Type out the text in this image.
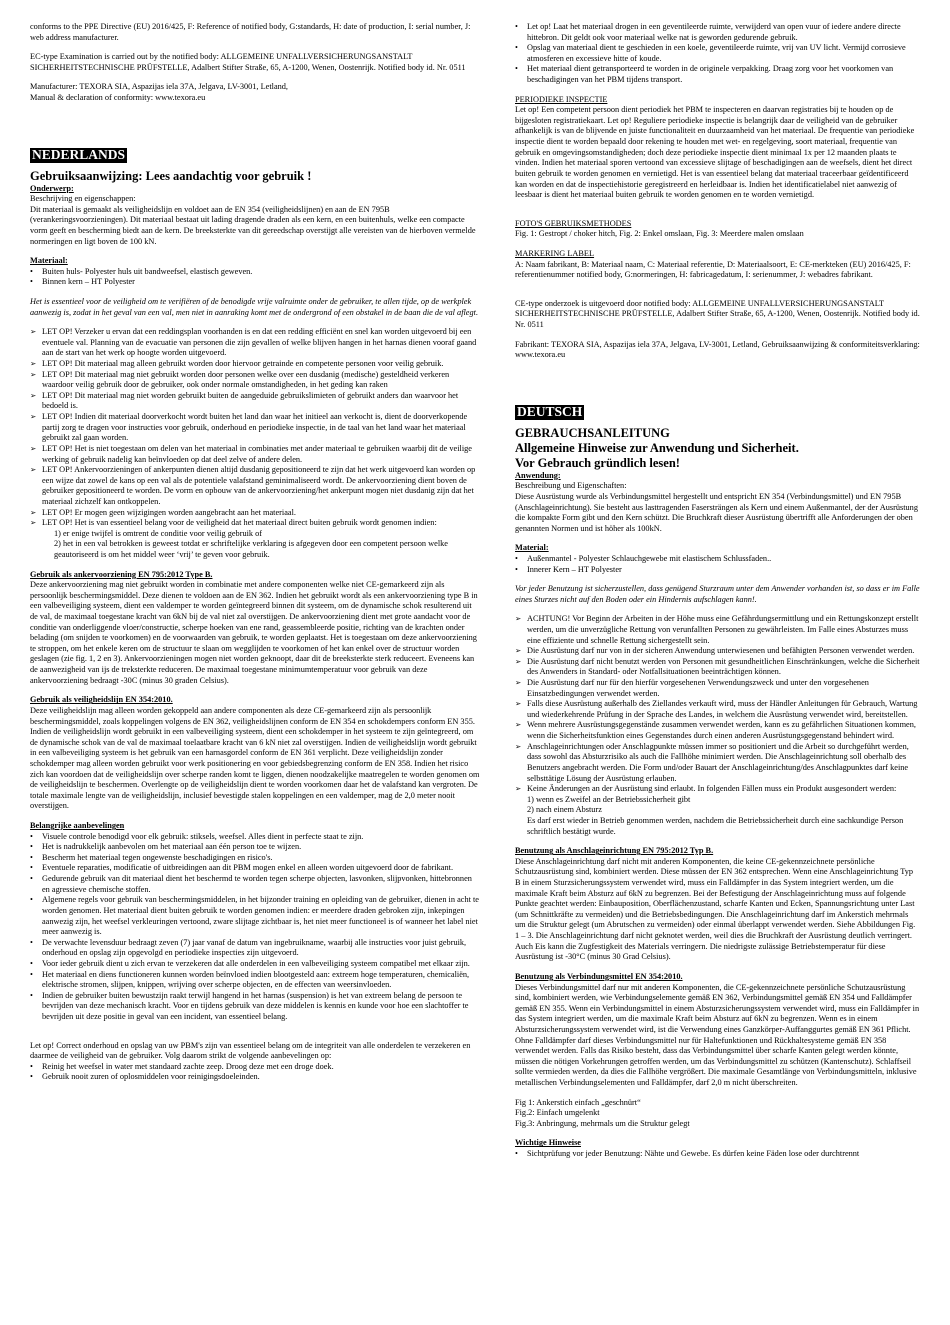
conforms to the PPE Directive (EU) 2016/425, F: Reference of notified body, G:standards, H: date of production, I: serial number, J: web address manufacturer.

EC-type Examination is carried out by the notified body: ALLGEMEINE UNFALLVERSICHERUNGSANSTALT SICHERHEITSTECHNISCHE PRÜFSTELLE, Adalbert Stifter Straße, 65, A-1200, Wenen, Oostenrijk. Notified body id. Nr. 0511

Manufacturer: TEXORA SIA, Aspazijas iela 37A, Jelgava, LV-3001, Letland,

Manual & declaration of conformity: www.texora.eu

NEDERLANDS

Gebruiksaanwijzing: Lees aandachtig voor gebruik !

Onderwerp:

Beschrijving en eigenschappen:

Dit materiaal is gemaakt als veiligheidslijn en voldoet aan de EN 354 (veiligheidslijnen) en aan de EN 795B (verankeringsvoorzieningen). Dit materiaal bestaat uit lading dragende draden als een kern, en een buitenhuls, welke een compacte vorm geeft en bescherming biedt aan de kern. De breeksterkte van dit gereedschap overstijgt alle vereisten van de hierboven vermelde normeringen en ligt boven de 100 kN.

Materiaal:

• Buiten huls- Polyester huls uit bandweefsel, elastisch geweven.
• Binnen kern – HT Polyester

Het is essentieel voor de veiligheid om te verifiëren of de benodigde vrije valruimte onder de gebruiker, te allen tijde, op de werkplek aanwezig is, zodat in het geval van een val, men niet in aanraking komt met de ondergrond of een obstakel in de baan die de val aflegt.

➢ LET OP! Verzeker u ervan dat een reddingsplan voorhanden is en dat een redding efficiënt en snel kan worden uitgevoerd bij een eventuele val. Planning van de evacuatie van personen die zijn gevallen of welke blijven hangen in het harnas dienen vooraf gaand aan de start van het werk op hoogte worden uitgevoerd.
➢ LET OP! Dit materiaal mag alleen gebruikt worden door hiervoor getrainde en competente personen voor veilig gebruik.
➢ LET OP! Dit materiaal mag niet gebruikt worden door personen welke over een dusdanig (medische) gesteldheid verkeren waardoor veilig gebruik door de gebruiker, ook onder normale omstandigheden, in het geding kan raken
➢ LET OP! Dit materiaal mag niet worden gebruikt buiten de aangeduide gebruikslimieten of gebruikt anders dan waarvoor het bedoeld is.
➢ LET OP! Indien dit materiaal doorverkocht wordt buiten het land dan waar het initieel aan verkocht is, dient de doorverkopende partij zorg te dragen voor instructies voor gebruik, onderhoud en periodieke inspectie, in de taal van het land waar het materiaal gebruikt zal gaan worden.
➢ LET OP! Het is niet toegestaan om delen van het materiaal in combinaties met ander materiaal te gebruiken waarbij dit de veilige werking of gebruik nadelig kan beïnvloeden op dat deel zelve of andere delen.
➢ LET OP! Ankervoorzieningen of ankerpunten dienen altijd dusdanig gepositioneerd te zijn dat het werk uitgevoerd kan worden op een wijze dat zowel de kans op een val als de potentiele valafstand geminimaliseerd wordt. De ankervoorziening dient boven de gebruiker gepositioneerd te worden. De vorm en opbouw van de ankervoorziening/het ankerpunt mogen niet dusdanig zijn dat het materiaal zichzelf kan ontkoppelen.
➢ LET OP! Er mogen geen wijzigingen worden aangebracht aan het materiaal.
➢ LET OP! Het is van essentieel belang voor de veiligheid dat het materiaal direct buiten gebruik wordt genomen indien:

1) er enige twijfel is omtrent de conditie voor veilig gebruik of

2) het in een val betrokken is geweest totdat er schriftelijke verklaring is afgegeven door een competent persoon welke geautoriseerd is om het middel weer ‘vrij’ te geven voor gebruik.

Gebruik als ankervoorziening EN 795:2012 Type B.

Deze ankervoorziening mag niet gebruikt worden in combinatie met andere componenten welke niet CE-gemarkeerd zijn als persoonlijk beschermingsmiddel. Deze dienen te voldoen aan de EN 362. Indien het gebruikt wordt als een ankervoorziening type B in een valbeveiliging systeem, dient een valdemper te worden geïntegreerd binnen dit systeem, om de dynamische schok resulterend uit de val, de maximaal toegestane kracht van 6kN bij de val niet zal overstijgen. De ankervoorziening dient met grote aandacht voor de conditie van onderliggende vloer/constructie, scherpe hoeken van ene rand, geassembleerde positie, richting van de krachten onder belading (om snijden te voorkomen) en de voorwaarden van gebruik, te worden geplaatst. Het is toegestaan om deze ankervoorziening te stroppen, om het enkele keren om de structuur te slaan om wegglijden te voorkomen of het kan enkel over de structuur worden geslagen (zie fig. 1, 2 en 3). Ankervoorzieningen mogen niet worden geknoopt, daar dit de breeksterkte sterk reduceert. Eveneens kan de aanwezigheid van ijs de treksterkte reduceren. De maximaal toegestane minimumtemperatuur voor gebruik van deze ankervoorziening bedraagt -30C (minus 30 graden Celsius).

Gebruik als veiligheidslijn EN 354:2010.

Deze veiligheidslijn mag alleen worden gekoppeld aan andere componenten als deze CE-gemarkeerd zijn als persoonlijk beschermingsmiddel, zoals koppelingen volgens de EN 362, veiligheidslijnen conform de EN 354 en schokdempers conform EN 355. Indien de veiligheidslijn wordt gebruikt in een valbeveiliging systeem, dient een schokdemper in het systeem te zijn geïntegreerd, om de dynamische schok van de val de maximaal toelaatbare kracht van 6 kN niet zal overstijgen. Indien de veiligheidslijn wordt gebruikt in een valbeveiliging systeem is het gebruik van een harnasgordel conform de EN 361 verplicht. Deze veiligheidslijn zonder schokdemper mag alleen worden gebruikt voor werk positionering en voor gebiedsbegrenzing conform de EN 358. Indien het risico zich kan voordoen dat de veiligheidslijn over scherpe randen komt te liggen, dienen noodzakelijke maatregelen te worden genomen om de veiligheidslijn te beschermen. Overlengte op de veiligheidslijn dient te worden voorkomen daar het de valafstand kan vergroten. De totale maximale lengte van de veiligheidslijn, inclusief bevestigde stalen koppelingen en een valdemper, mag de 2,0 meter nooit overstijgen.

Belangrijke aanbevelingen

• Visuele controle benodigd voor elk gebruik: stiksels, weefsel. Alles dient in perfecte staat te zijn.
• Het is nadrukkelijk aanbevolen om het materiaal aan één person toe te wijzen.
• Bescherm het materiaal tegen ongewenste beschadigingen en risico's.
• Eventuele reparaties, modificatie of uitbreidingen aan dit PBM mogen enkel en alleen worden uitgevoerd door de fabrikant.
• Gedurende gebruik van dit materiaal dient het beschermd te worden tegen scherpe objecten, lasvonken, slijpvonken, hittebronnen en agressieve chemische stoffen.
• Algemene regels voor gebruik van beschermingsmiddelen, in het bijzonder training en opleiding van de gebruiker, dienen in acht te worden genomen. Het materiaal dient buiten gebruik te worden genomen indien: er meerdere draden gebroken zijn, inkepingen aanwezig zijn, het weefsel verkleuringen vertoond, zware slijtage zichtbaar is, het niet meer functioneel is of wanneer het label niet meer aanwezig is.
• De verwachte levensduur bedraagt zeven (7) jaar vanaf de datum van ingebruikname, waarbij alle instructies voor juist gebruik, onderhoud en opslag zijn opgevolgd en periodieke inspecties zijn uitgevoerd.
• Voor ieder gebruik dient u zich ervan te verzekeren dat alle onderdelen in een valbeveiliging systeem compatibel met elkaar zijn.
• Het materiaal en diens functioneren kunnen worden beïnvloed indien blootgesteld aan: extreem hoge temperaturen, chemicaliën, elektrische stromen, slijpen, knippen, wrijving over scherpe objecten, en de effecten van weersinvloeden.
• Indien de gebruiker buiten bewustzijn raakt terwijl hangend in het harnas (suspension) is het van extreem belang de persoon te bevrijden van deze mechanisch kracht. Voor en tijdens gebruik van deze middelen is kennis en kunde voor hoe een slachtoffer te bevrijden uit deze positie in geval van een incident, van essentieel belang.

Let op! Correct onderhoud en opslag van uw PBM's zijn van essentieel belang om de integriteit van alle onderdelen te verzekeren en daarmee de veiligheid van de gebruiker. Volg daarom strikt de volgende aanbevelingen op:

• Reinig het weefsel in water met standaard zachte zeep. Droog deze met een droge doek.
• Gebruik nooit zuren of oplosmiddelen voor reinigingsdoeleinden.
• Let op! Laat het materiaal drogen in een geventileerde ruimte, verwijderd van open vuur of iedere andere directe hittebron. Dit geldt ook voor materiaal welke nat is geworden gedurende gebruik.
• Opslag van materiaal dient te geschieden in een koele, geventileerde ruimte, vrij van UV licht. Vermijd corrosieve atmosferen en excessieve hitte of koude.
• Het materiaal dient getransporteerd te worden in de originele verpakking. Draag zorg voor het voorkomen van beschadigingen van het PBM tijdens transport.

PERIODIEKE INSPECTIE

Let op! Een competent persoon dient periodiek het PBM te inspecteren en daarvan registraties bij te houden op de bijgesloten registratiekaart. Let op! Reguliere periodieke inspectie is belangrijk daar de veiligheid van de gebruiker afhankelijk is van de blijvende en juiste functionaliteit en duurzaamheid van het materiaal. De frequentie van periodieke inspectie dient te worden bepaald door rekening te houden met wet- en regelgeving, soort materiaal, frequentie van gebruik en omgevingsomstandigheden; doch deze periodieke inspectie dient minimaal 1x per 12 maanden plaats te vinden. Indien het materiaal sporen vertoond van excessieve slijtage of beschadigingen aan de weefsels, dient het direct buiten gebruik te worden genomen en vernietigd. Het is van essentieel belang dat materiaal traceerbaar geïdentificeerd kan worden en dat de inspectiehistorie geregistreerd en herleidbaar is. Indien het identificatielabel niet aanwezig of leesbaar is dient het materiaal buiten gebruik te worden genomen en te worden vernietigd.

FOTO'S GEBRUIKSMETHODES

Fig. 1: Gestropt / choker hitch, Fig. 2: Enkel omslaan, Fig. 3: Meerdere malen omslaan

MARKERING LABEL

A: Naam fabrikant, B: Materiaal naam, C: Materiaal referentie, D: Materiaalsoort, E: CE-merkteken (EU) 2016/425, F: referentienummer notified body, G:normeringen, H: fabricagedatum, I: serienummer, J: webadres fabrikant.

CE-type onderzoek is uitgevoerd door notified body: ALLGEMEINE UNFALLVERSICHERUNGSANSTALT SICHERHEITSTECHNISCHE PRÜFSTELLE, Adalbert Stifter Straße, 65, A-1200, Wenen, Oostenrijk. Notified body id. Nr. 0511

Fabrikant: TEXORA SIA, Aspazijas iela 37A, Jelgava, LV-3001, Letland, Gebruiksaanwijzing & conformiteitsverklaring: www.texora.eu

DEUTSCH

GEBRAUCHSANLEITUNG

Allgemeine Hinweise zur Anwendung und Sicherheit.

Vor Gebrauch gründlich lesen!

Anwendung:

Beschreibung und Eigenschaften:

Diese Ausrüstung wurde als Verbindungsmittel hergestellt und entspricht EN 354 (Verbindungsmittel) und EN 795B (Anschlageinrichtung). Sie besteht aus lasttragenden Fasersträngen als Kern und einem Außenmantel, der der Ausrüstung die kompakte Form gibt und den Kern schützt. Die Bruchkraft dieser Ausrüstung übertrifft alle Anforderungen der oben genannten Normen und ist höher als 100kN.

Material:

• Außenmantel - Polyester Schlauchgewebe mit elastischem Schlussfaden..
• Innerer Kern – HT Polyester

Vor jeder Benutzung ist sicherzustellen, dass genügend Sturzraum unter dem Anwender vorhanden ist, so dass er im Falle eines Sturzes nicht auf den Boden oder ein Hindernis aufschlagen kann!.

➢ ACHTUNG! Vor Beginn der Arbeiten in der Höhe muss eine Gefährdungsermittlung und ein Rettungskonzept erstellt werden, um die unverzügliche Rettung von verunfallten Personen zu gewährleisten. Im Falle eines Absturzes muss eine effiziente und schnelle Rettung sichergestellt sein.
➢ Die Ausrüstung darf nur von in der sicheren Anwendung unterwiesenen und befähigten Personen verwendet werden.
➢ Die Ausrüstung darf nicht benutzt werden von Personen mit gesundheitlichen Einschränkungen, welche die Sicherheit des Anwenders in Standard- oder Notfallsituationen beeinträchtigen können.
➢ Die Ausrüstung darf nur für den hierfür vorgesehenen Verwendungszweck und unter den vorgesehenen Einsatzbedingungen verwendet werden.
➢ Falls diese Ausrüstung außerhalb des Ziellandes verkauft wird, muss der Händler Anleitungen für Gebrauch, Wartung und wiederkehrende Prüfung in der Sprache des Landes, in welchem die Ausrüstung verwendet wird, bereitstellen.
➢ Wenn mehrere Ausrüstungsgegenstände zusammen verwendet werden, kann es zu gefährlichen Situationen kommen, wenn die Sicherheitsfunktion eines Gegenstandes durch einen anderen Ausrüstungsgegenstand behindert wird.
➢ Anschlageinrichtungen oder Anschlagpunkte müssen immer so positioniert und die Arbeit so durchgeführt werden, dass sowohl das Absturzrisiko als auch die Fallhöhe minimiert werden. Die Anschlageinrichtung soll oberhalb des Benutzers angebracht werden. Die Form und/oder Bauart der Anschlageinrichtung/des Anschlagpunktes darf keine selbsttätige Lösung der Ausrüstung erlauben.
➢ Keine Änderungen an der Ausrüstung sind erlaubt. In folgenden Fällen muss ein Produkt ausgesondert werden:

1) wenn es Zweifel an der Betriebssicherheit gibt

2) nach einem Absturz

Es darf erst wieder in Betrieb genommen werden, nachdem die Betriebssicherheit durch eine sachkundige Person schriftlich bestätigt wurde.

Benutzung als Anschlageinrichtung EN 795:2012 Typ B.

Diese Anschlageinrichtung darf nicht mit anderen Komponenten, die keine CE-gekennzeichnete persönliche Schutzausrüstung sind, kombiniert werden. Diese müssen der EN 362 entsprechen. Wenn eine Anschlageinrichtung Typ B in einem Sturzsicherungssystem verwendet wird, muss ein Falldämpfer in das System integriert werden, um die maximale Kraft beim Absturz auf 6kN zu begrenzen. Bei der Befestigung der Anschlageinrichtung muss auf folgende Punkte geachtet werden: Einbauposition, Oberflächenzustand, scharfe Kanten und Ecken, Spannungsrichtung unter Last (um Schnittkräfte zu vermeiden) und die Betriebsbedingungen. Die Anschlageinrichtung darf im Ankerstich mehrmals um die Struktur gelegt (um Abrutschen zu vermeiden) oder einmal überlappt verwendet werden. Siehe Abbildungen Fig. 1 – 3. Die Anschlageinrichtung darf nicht geknotet werden, weil dies die Bruchkraft der Ausrüstung deutlich verringert. Auch Eis kann die Zugfestigkeit des Materials verringern. Die niedrigste zulässige Betriebstemperatur für diese Ausrüstung ist -30°C (minus 30 Grad Celsius).

Benutzung als Verbindungsmittel EN 354:2010.

Dieses Verbindungsmittel darf nur mit anderen Komponenten, die CE-gekennzeichnete persönliche Schutzausrüstung sind, kombiniert werden, wie Verbindungselemente gemäß EN 362, Verbindungsmittel gemäß EN 354 und Falldämpfer gemäß EN 355. Wenn ein Verbindungsmittel in einem Absturzsicherungssystem verwendet wird, muss ein Falldämpfer in das System integriert werden, um die maximale Kraft beim Absturz auf 6kN zu begrenzen. Wenn es in einem Absturzsicherungssystem verwendet wird, ist die Verwendung eines Ganzkörper-Auffanggurtes gemäß EN 361 Pflicht. Ohne Falldämpfer darf dieses Verbindungsmittel nur für Haltefunktionen und Rückhaltesysteme gemäß EN 358 verwendet werden. Falls das Risiko besteht, dass das Verbindungsmittel über scharfe Kanten gelegt werden könnte, müssen die nötigen Vorkehrungen getroffen werden, um das Verbindungsmittel zu schützen (Kantenschutz). Schlaffseil sollte vermieden werden, da dies die Fallhöhe vergrößert. Die maximale Gesamtlänge von Verbindungsmitteln, inklusive metallischen Verbindungselementen und Falldämpfer, darf 2,0 m nicht überschreiten.

Fig 1: Ankerstich einfach „geschnürt“

Fig.2: Einfach umgelenkt

Fig.3: Anbringung, mehrmals um die Struktur gelegt

Wichtige Hinweise

• Sichtprüfung vor jeder Benutzung: Nähte und Gewebe. Es dürfen keine Fäden lose oder durchtrennt
